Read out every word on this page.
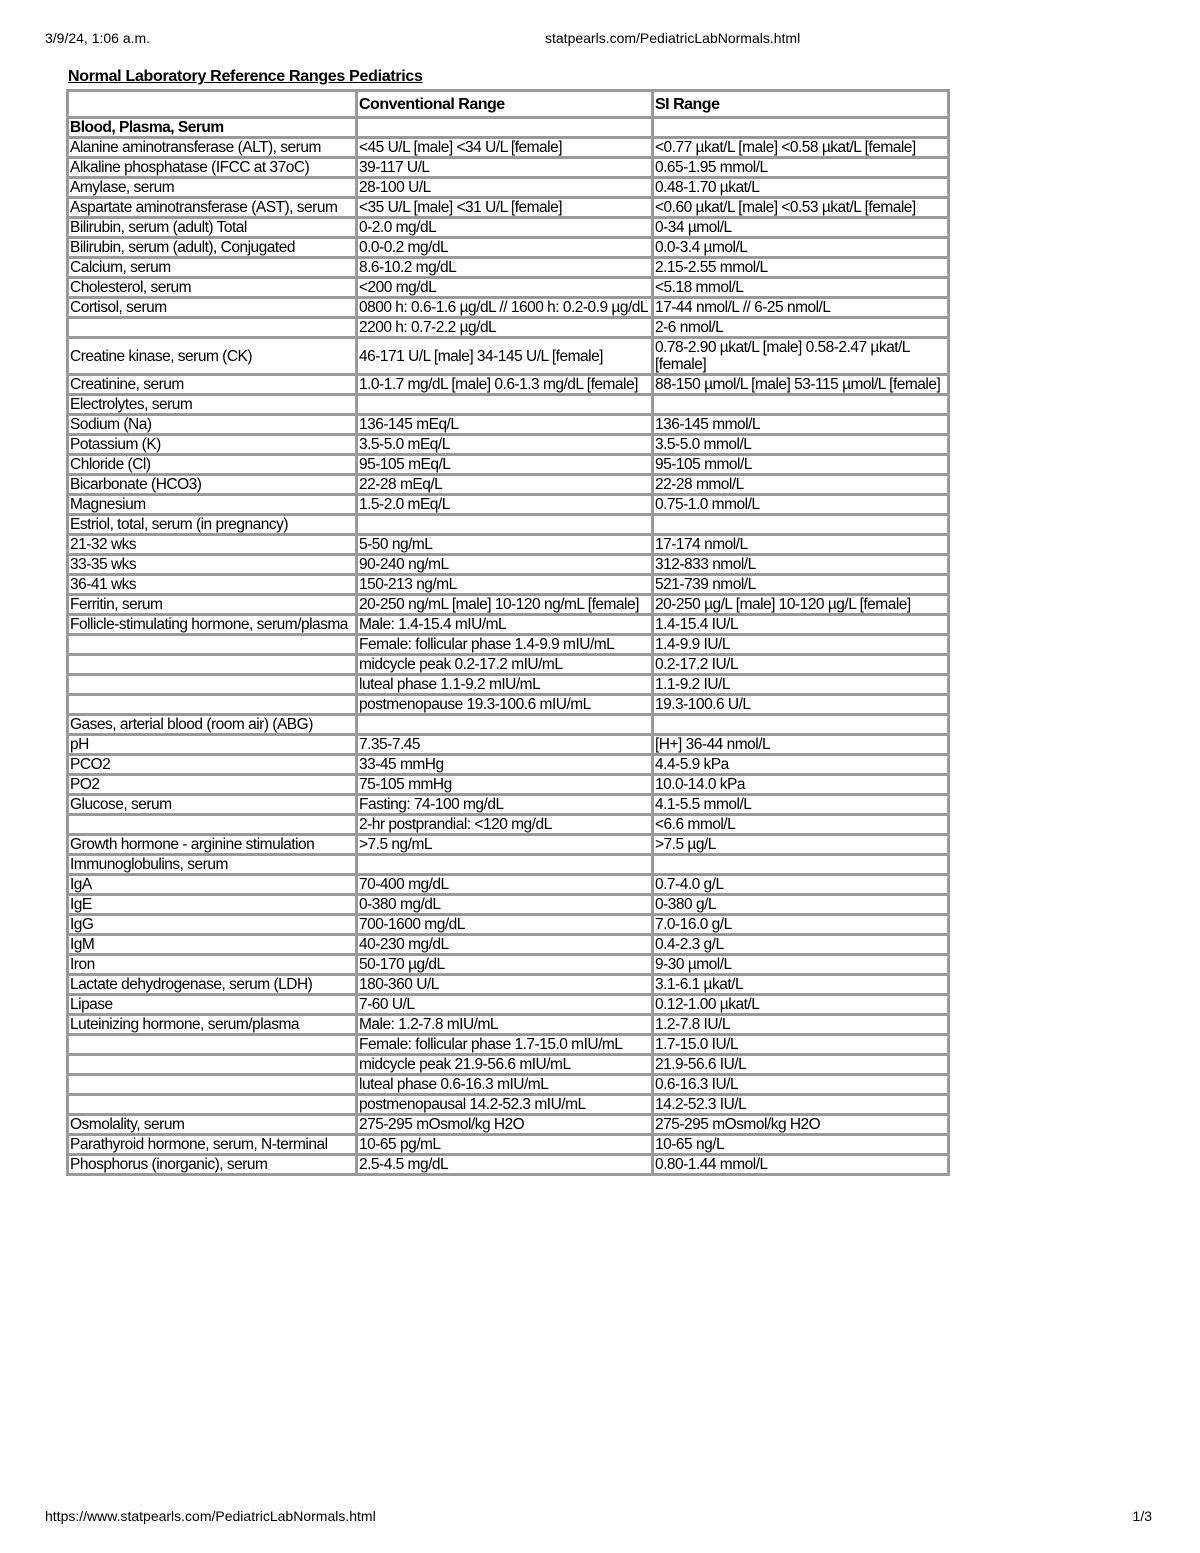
3/9/24, 1:06 a.m.	statpearls.com/PediatricLabNormals.html
Normal Laboratory Reference Ranges Pediatrics
	Conventional Range	SI Range
Blood, Plasma, Serum		
Alanine aminotransferase (ALT), serum	<45 U/L [male] <34 U/L [female]	<0.77 µkat/L [male] <0.58 µkat/L [female]
Alkaline phosphatase (IFCC at 37oC)	39-117 U/L	0.65-1.95 mmol/L
Amylase, serum	28-100 U/L	0.48-1.70 µkat/L
Aspartate aminotransferase (AST), serum	<35 U/L [male] <31 U/L [female]	<0.60 µkat/L [male] <0.53 µkat/L [female]
Bilirubin, serum (adult) Total	0-2.0 mg/dL	0-34 µmol/L
Bilirubin, serum (adult), Conjugated	0.0-0.2 mg/dL	0.0-3.4 µmol/L
Calcium, serum	8.6-10.2 mg/dL	2.15-2.55 mmol/L
Cholesterol, serum	<200 mg/dL	<5.18 mmol/L
Cortisol, serum	0800 h: 0.6-1.6 µg/dL // 1600 h: 0.2-0.9 µg/dL	17-44 nmol/L // 6-25 nmol/L
	2200 h: 0.7-2.2 µg/dL	2-6 nmol/L
Creatine kinase, serum (CK)	46-171 U/L [male] 34-145 U/L [female]	0.78-2.90 µkat/L [male] 0.58-2.47 µkat/L [female]
Creatinine, serum	1.0-1.7 mg/dL [male] 0.6-1.3 mg/dL [female]	88-150 µmol/L [male] 53-115 µmol/L [female]
Electrolytes, serum		
Sodium (Na)	136-145 mEq/L	136-145 mmol/L
Potassium (K)	3.5-5.0 mEq/L	3.5-5.0 mmol/L
Chloride (Cl)	95-105 mEq/L	95-105 mmol/L
Bicarbonate (HCO3)	22-28 mEq/L	22-28 mmol/L
Magnesium	1.5-2.0 mEq/L	0.75-1.0 mmol/L
Estriol, total, serum (in pregnancy)		
21-32 wks	5-50 ng/mL	17-174 nmol/L
33-35 wks	90-240 ng/mL	312-833 nmol/L
36-41 wks	150-213 ng/mL	521-739 nmol/L
Ferritin, serum	20-250 ng/mL [male] 10-120 ng/mL [female]	20-250 µg/L [male] 10-120 µg/L [female]
Follicle-stimulating hormone, serum/plasma	Male: 1.4-15.4 mIU/mL	1.4-15.4 IU/L
	Female: follicular phase 1.4-9.9 mIU/mL	1.4-9.9 IU/L
	midcycle peak 0.2-17.2 mIU/mL	0.2-17.2 IU/L
	luteal phase 1.1-9.2 mIU/mL	1.1-9.2 IU/L
	postmenopause 19.3-100.6 mIU/mL	19.3-100.6 U/L
Gases, arterial blood (room air) (ABG)		
pH	7.35-7.45	[H+] 36-44 nmol/L
PCO2	33-45 mmHg	4.4-5.9 kPa
PO2	75-105 mmHg	10.0-14.0 kPa
Glucose, serum	Fasting: 74-100 mg/dL	4.1-5.5 mmol/L
	2-hr postprandial: <120 mg/dL	<6.6 mmol/L
Growth hormone - arginine stimulation	>7.5 ng/mL	>7.5 µg/L
Immunoglobulins, serum		
IgA	70-400 mg/dL	0.7-4.0 g/L
IgE	0-380 mg/dL	0-380 g/L
IgG	700-1600 mg/dL	7.0-16.0 g/L
IgM	40-230 mg/dL	0.4-2.3 g/L
Iron	50-170 µg/dL	9-30 µmol/L
Lactate dehydrogenase, serum (LDH)	180-360 U/L	3.1-6.1 µkat/L
Lipase	7-60 U/L	0.12-1.00 µkat/L
Luteinizing hormone, serum/plasma	Male: 1.2-7.8 mIU/mL	1.2-7.8 IU/L
	Female: follicular phase 1.7-15.0 mIU/mL	1.7-15.0 IU/L
	midcycle peak 21.9-56.6 mIU/mL	21.9-56.6 IU/L
	luteal phase 0.6-16.3 mIU/mL	0.6-16.3 IU/L
	postmenopausal 14.2-52.3 mIU/mL	14.2-52.3 IU/L
Osmolality, serum	275-295 mOsmol/kg H2O	275-295 mOsmol/kg H2O
Parathyroid hormone, serum, N-terminal	10-65 pg/mL	10-65 ng/L
Phosphorus (inorganic), serum	2.5-4.5 mg/dL	0.80-1.44 mmol/L
https://www.statpearls.com/PediatricLabNormals.html	1/3
